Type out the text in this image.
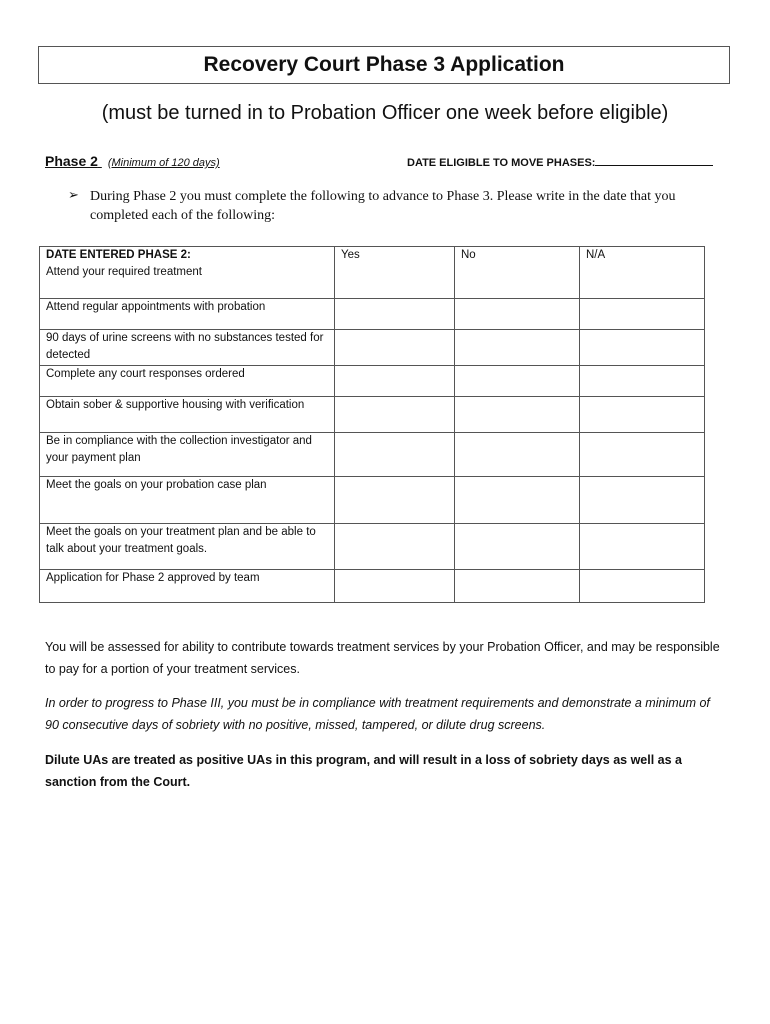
Recovery Court Phase 3 Application
(must be turned in to Probation Officer one week before eligible)
Phase 2 (Minimum of 120 days)	DATE ELIGIBLE TO MOVE PHASES:
➢ During Phase 2 you must complete the following to advance to Phase 3. Please write in the date that you completed each of the following:
DATE ENTERED PHASE 2:
Attend your required treatment	Yes	No	N/A
Attend regular appointments with probation			
90 days of urine screens with no substances tested for detected			
Complete any court responses ordered			
Obtain sober & supportive housing with verification			
Be in compliance with the collection investigator and your payment plan			
Meet the goals on your probation case plan			
Meet the goals on your treatment plan and be able to talk about your treatment goals.			
Application for Phase 2 approved by team			
You will be assessed for ability to contribute towards treatment services by your Probation Officer, and may be responsible to pay for a portion of your treatment services.
In order to progress to Phase III, you must be in compliance with treatment requirements and demonstrate a minimum of 90 consecutive days of sobriety with no positive, missed, tampered, or dilute drug screens.
Dilute UAs are treated as positive UAs in this program, and will result in a loss of sobriety days as well as a sanction from the Court.
